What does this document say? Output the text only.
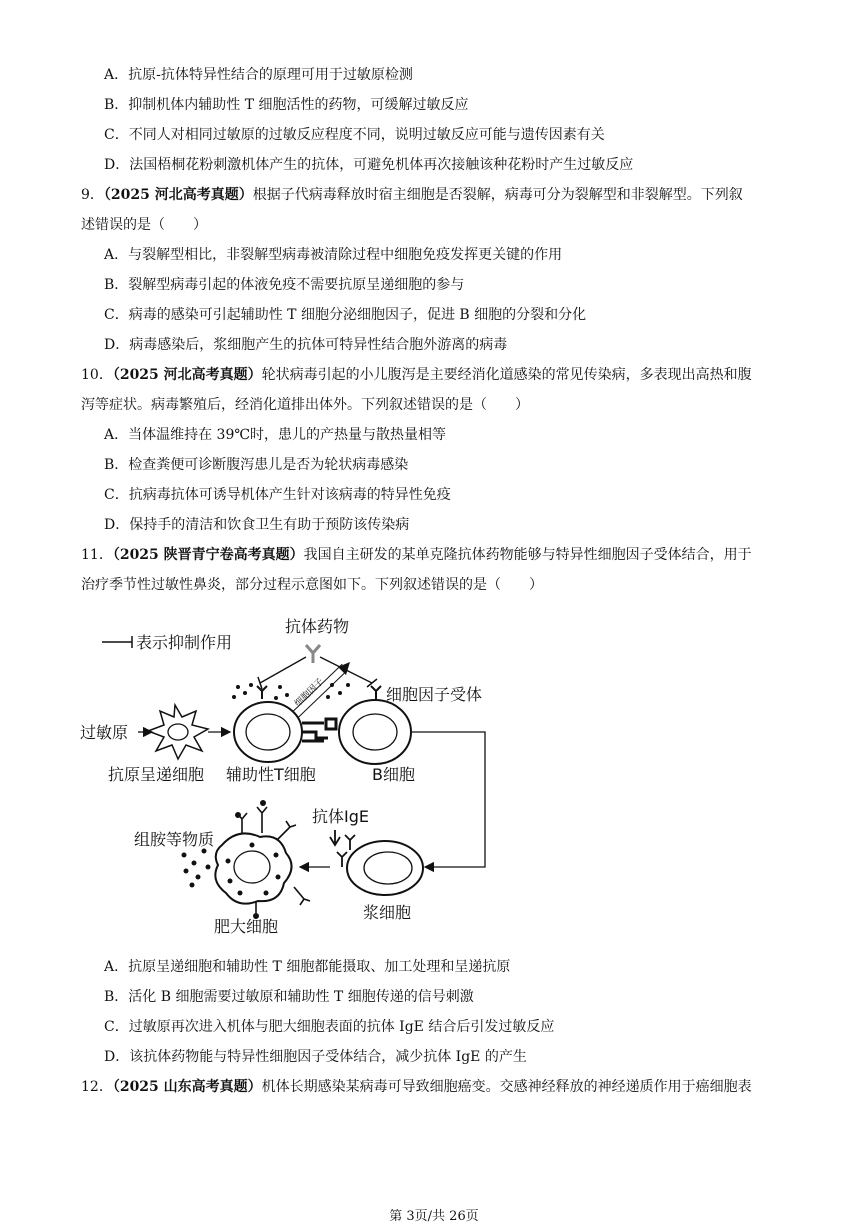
A．抗原-抗体特异性结合的原理可用于过敏原检测
B．抑制机体内辅助性 T 细胞活性的药物，可缓解过敏反应
C．不同人对相同过敏原的过敏反应程度不同，说明过敏反应可能与遗传因素有关
D．法国梧桐花粉刺激机体产生的抗体，可避免机体再次接触该种花粉时产生过敏反应
9．（2025 河北高考真题）根据子代病毒释放时宿主细胞是否裂解，病毒可分为裂解型和非裂解型。下列叙
述错误的是（　　）
A．与裂解型相比，非裂解型病毒被清除过程中细胞免疫发挥更关键的作用
B．裂解型病毒引起的体液免疫不需要抗原呈递细胞的参与
C．病毒的感染可引起辅助性 T 细胞分泌细胞因子，促进 B 细胞的分裂和分化
D．病毒感染后，浆细胞产生的抗体可特异性结合胞外游离的病毒
10．（2025 河北高考真题）轮状病毒引起的小儿腹泻是主要经消化道感染的常见传染病，多表现出高热和腹
泻等症状。病毒繁殖后，经消化道排出体外。下列叙述错误的是（　　）
A．当体温维持在 39℃时，患儿的产热量与散热量相等
B．检查粪便可诊断腹泻患儿是否为轮状病毒感染
C．抗病毒抗体可诱导机体产生针对该病毒的特异性免疫
D．保持手的清洁和饮食卫生有助于预防该传染病
11．（2025 陕晋青宁卷高考真题）我国自主研发的某单克隆抗体药物能够与特异性细胞因子受体结合，用于
治疗季节性过敏性鼻炎，部分过程示意图如下。下列叙述错误的是（　　）
表示抑制作用
抗体药物
细胞因子	细胞因子受体
过敏原
抗原呈递细胞 辅助性T细胞	B细胞
浆细胞
抗体IgE
组胺等物质
肥大细胞
A．抗原呈递细胞和辅助性 T 细胞都能摄取、加工处理和呈递抗原
B．活化 B 细胞需要过敏原和辅助性 T 细胞传递的信号刺激
C．过敏原再次进入机体与肥大细胞表面的抗体 IgE 结合后引发过敏反应
D．该抗体药物能与特异性细胞因子受体结合，减少抗体 IgE 的产生
12．（2025 山东高考真题）机体长期感染某病毒可导致细胞癌变。交感神经释放的神经递质作用于癌细胞表
第 3页/共 26页
